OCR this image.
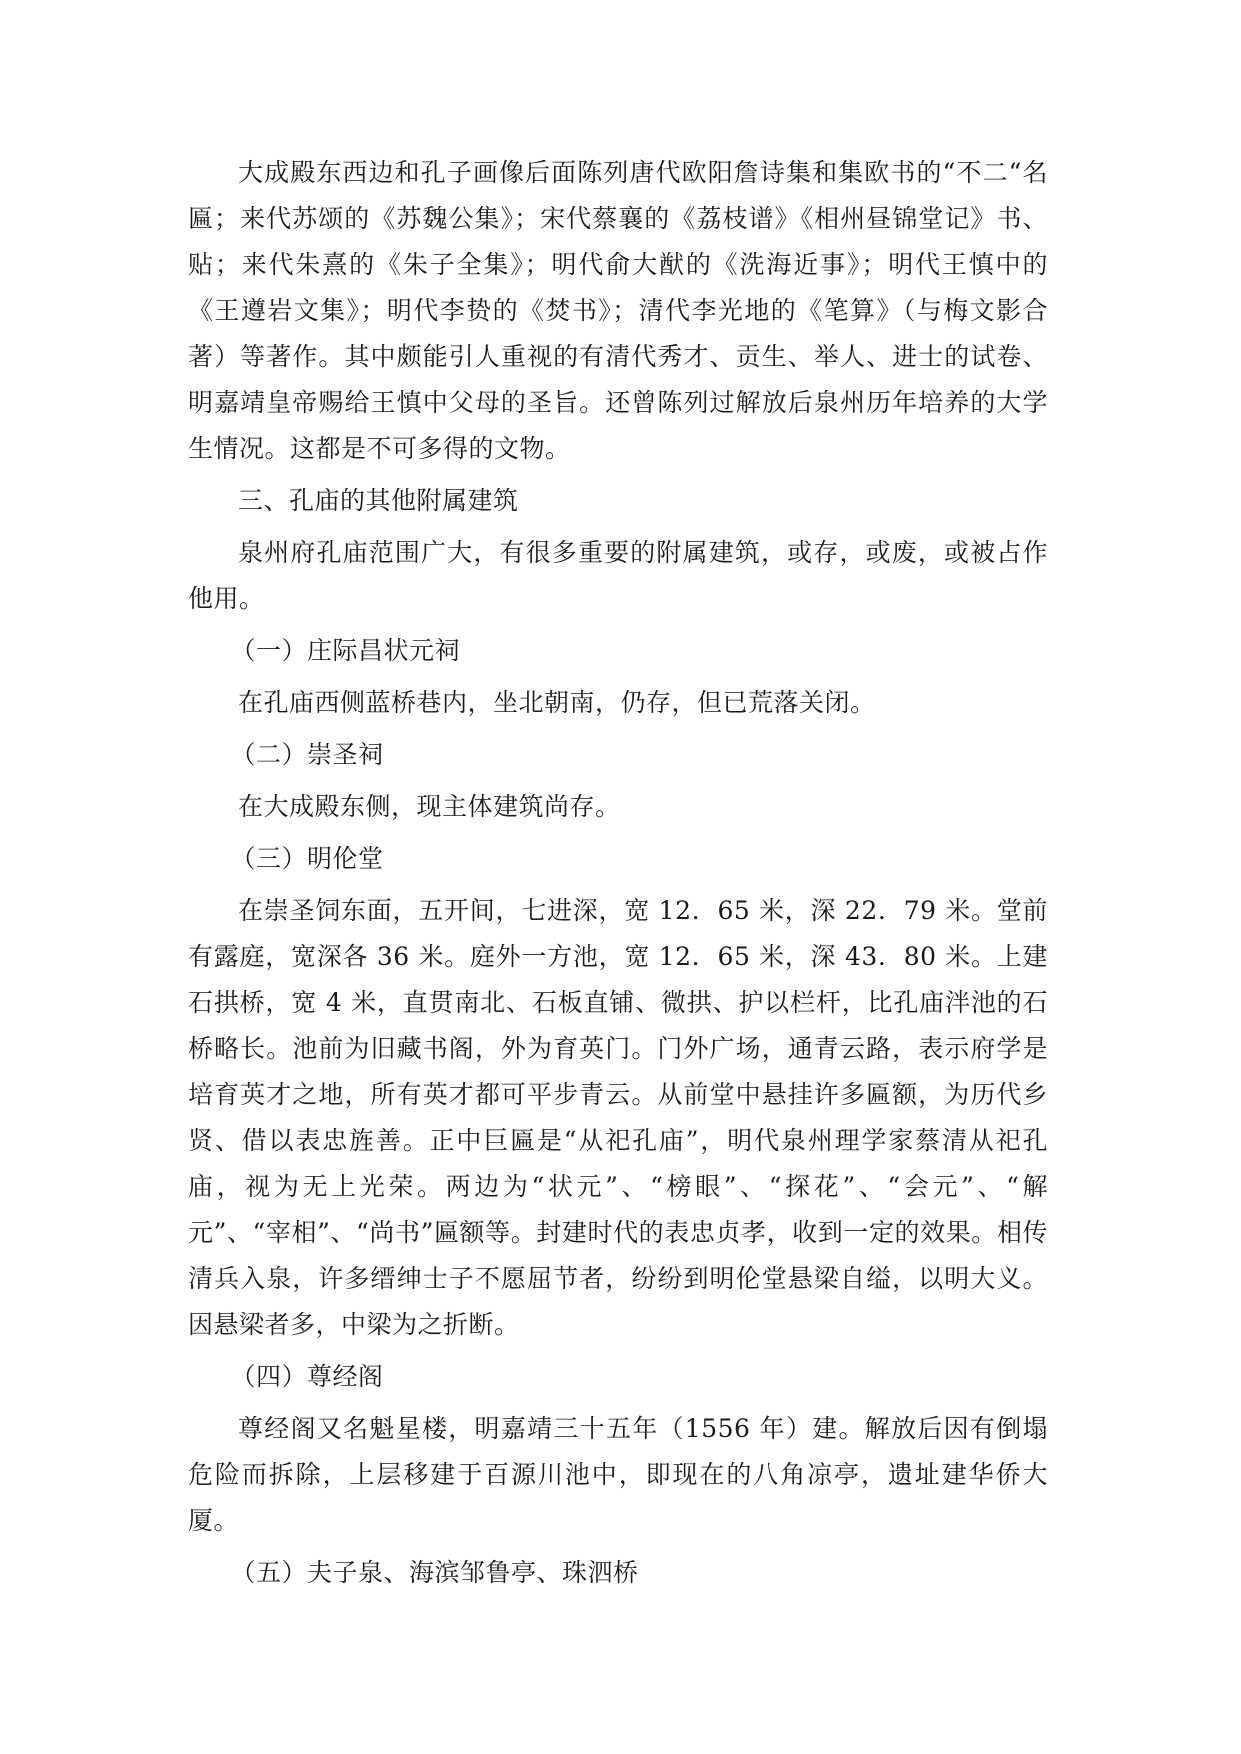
大成殿东西边和孔子画像后面陈列唐代欧阳詹诗集和集欧书的“不二“名匾；来代苏颂的《苏魏公集》；宋代蔡襄的《荔枝谱》《相州昼锦堂记》书、贴；来代朱熹的《朱子全集》；明代俞大猷的《洗海近事》；明代王慎中的《王遵岩文集》；明代李贽的《焚书》；清代李光地的《笔算》（与梅文影合著）等著作。其中颇能引人重视的有清代秀才、贡生、举人、进士的试卷、明嘉靖皇帝赐给王慎中父母的圣旨。还曾陈列过解放后泉州历年培养的大学生情况。这都是不可多得的文物。

三、孔庙的其他附属建筑

泉州府孔庙范围广大，有很多重要的附属建筑，或存，或废，或被占作他用。

（一）庄际昌状元祠

在孔庙西侧蓝桥巷内，坐北朝南，仍存，但已荒落关闭。

（二）崇圣祠

在大成殿东侧，现主体建筑尚存。

（三）明伦堂

在崇圣饲东面，五开间，七进深，宽 12．65 米，深 22．79 米。堂前有露庭，宽深各 36 米。庭外一方池，宽 12．65 米，深 43．80 米。上建石拱桥，宽 4 米，直贯南北、石板直铺、微拱、护以栏杆，比孔庙泮池的石桥略长。池前为旧藏书阁，外为育英门。门外广场，通青云路，表示府学是培育英才之地，所有英才都可平步青云。从前堂中悬挂许多匾额，为历代乡贤、借以表忠旌善。正中巨匾是“从祀孔庙”，明代泉州理学家蔡清从祀孔庙，视为无上光荣。两边为“状元”、“榜眼”、“探花”、“会元”、“解元”、“宰相”、“尚书”匾额等。封建时代的表忠贞孝，收到一定的效果。相传清兵入泉，许多缙绅士子不愿屈节者，纷纷到明伦堂悬梁自缢，以明大义。因悬梁者多，中梁为之折断。

（四）尊经阁

尊经阁又名魁星楼，明嘉靖三十五年（1556 年）建。解放后因有倒塌危险而拆除，上层移建于百源川池中，即现在的八角凉亭，遗址建华侨大厦。

（五）夫子泉、海滨邹鲁亭、珠泗桥
